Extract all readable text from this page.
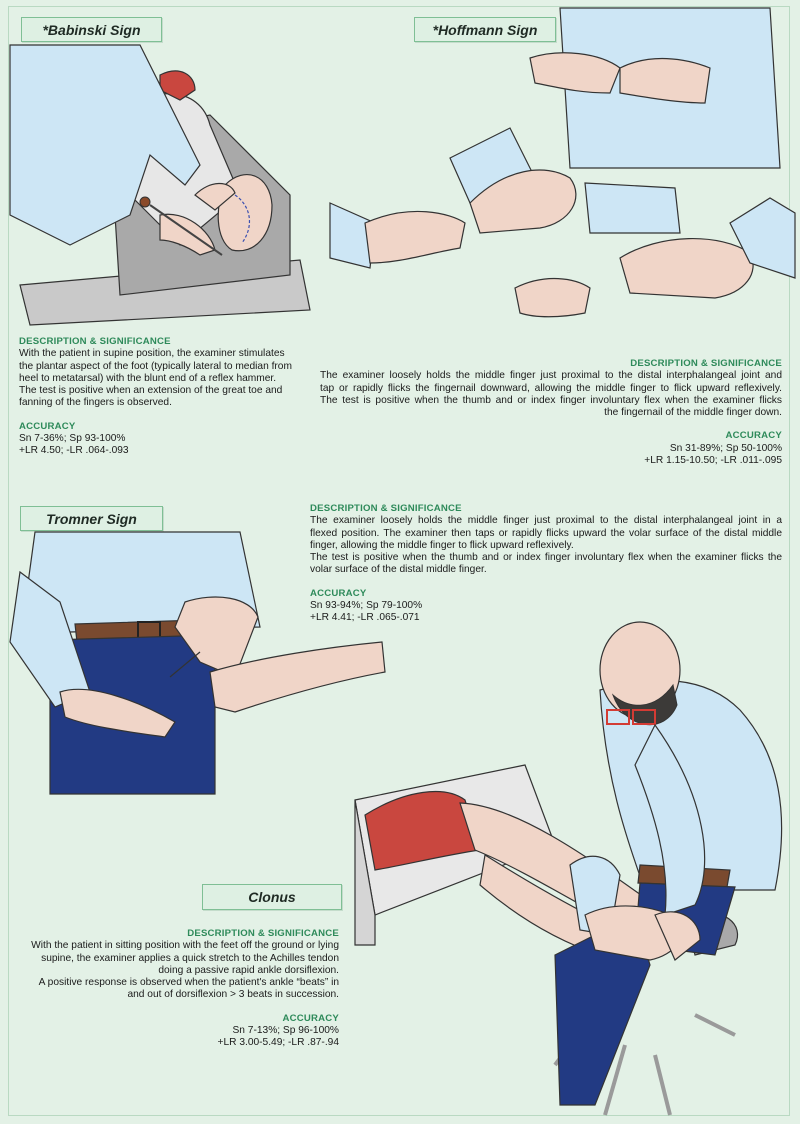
*Babinski Sign
DESCRIPTION & SIGNIFICANCE

With the patient in supine position, the examiner stimulates

the plantar aspect of the foot (typically lateral to median from

heel to metatarsal) with the blunt end of a reflex hammer.

The test is positive when an extension of the great toe and

fanning of the fingers is observed.

ACCURACY

Sn 7-36%; Sp 93-100%

+LR 4.50; -LR .064-.093

*Hoffmann Sign
DESCRIPTION & SIGNIFICANCE

The examiner loosely holds the middle finger just proximal to the distal interphalangeal joint and

tap or rapidly flicks the fingernail downward, allowing the middle finger to flick upward reflexively.

The test is positive when the thumb and or index finger involuntary flex when the examiner flicks

the fingernail of the middle finger down.

ACCURACY

Sn 31-89%; Sp 50-100%

+LR 1.15-10.50; -LR .011-.095

Tromner Sign
DESCRIPTION & SIGNIFICANCE

The examiner loosely holds the middle finger just proximal to the distal interphalangeal joint in a

flexed position. The examiner then taps or rapidly flicks upward the volar surface of the distal middle

finger, allowing the middle finger to flick upward reflexively.

The test is positive when the thumb and or index finger involuntary flex when the examiner flicks the

volar surface of the distal middle finger.

ACCURACY

Sn 93-94%; Sp 79-100%

+LR 4.41; -LR .065-.071

Clonus
DESCRIPTION & SIGNIFICANCE

With the patient in sitting position with the feet off the ground or lying

supine, the examiner applies a quick stretch to the Achilles tendon

doing a passive rapid ankle dorsiflexion.

A positive response is observed when the patient's ankle “beats” in

and out of dorsiflexion > 3 beats in succession.

ACCURACY

Sn 7-13%; Sp 96-100%

+LR 3.00-5.49; -LR .87-.94
